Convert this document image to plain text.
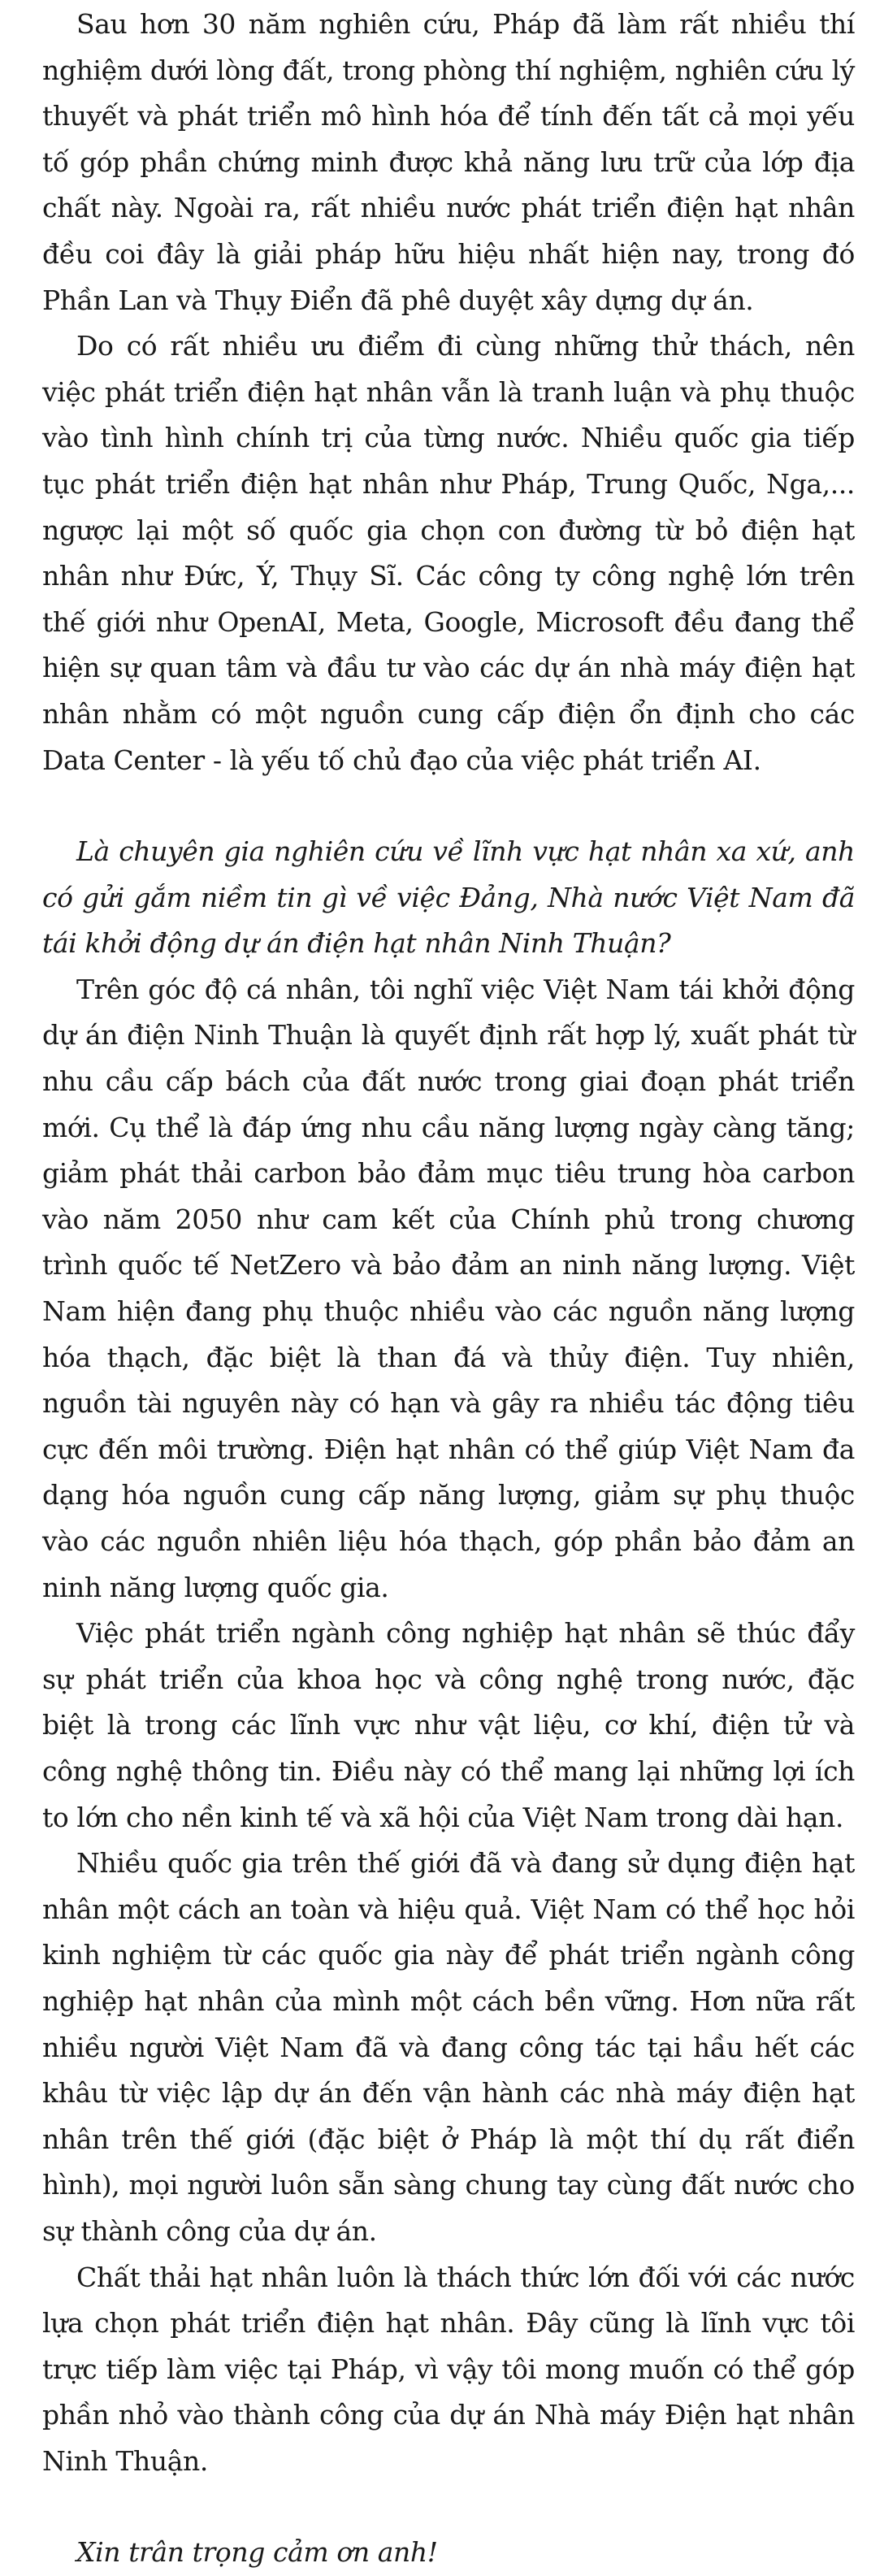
Sau hơn 30 năm nghiên cứu, Pháp đã làm rất nhiều thí nghiệm dưới lòng đất, trong phòng thí nghiệm, nghiên cứu lý thuyết và phát triển mô hình hóa để tính đến tất cả mọi yếu tố góp phần chứng minh được khả năng lưu trữ của lớp địa chất này. Ngoài ra, rất nhiều nước phát triển điện hạt nhân đều coi đây là giải pháp hữu hiệu nhất hiện nay, trong đó Phần Lan và Thụy Điển đã phê duyệt xây dựng dự án.

Do có rất nhiều ưu điểm đi cùng những thử thách, nên việc phát triển điện hạt nhân vẫn là tranh luận và phụ thuộc vào tình hình chính trị của từng nước. Nhiều quốc gia tiếp tục phát triển điện hạt nhân như Pháp, Trung Quốc, Nga,... ngược lại một số quốc gia chọn con đường từ bỏ điện hạt nhân như Đức, Ý, Thụy Sĩ. Các công ty công nghệ lớn trên thế giới như OpenAI, Meta, Google, Microsoft đều đang thể hiện sự quan tâm và đầu tư vào các dự án nhà máy điện hạt nhân nhằm có một nguồn cung cấp điện ổn định cho các Data Center - là yếu tố chủ đạo của việc phát triển AI.

Là chuyên gia nghiên cứu về lĩnh vực hạt nhân xa xứ, anh có gửi gắm niềm tin gì về việc Đảng, Nhà nước Việt Nam đã tái khởi động dự án điện hạt nhân Ninh Thuận?

Trên góc độ cá nhân, tôi nghĩ việc Việt Nam tái khởi động dự án điện Ninh Thuận là quyết định rất hợp lý, xuất phát từ nhu cầu cấp bách của đất nước trong giai đoạn phát triển mới. Cụ thể là đáp ứng nhu cầu năng lượng ngày càng tăng; giảm phát thải carbon bảo đảm mục tiêu trung hòa carbon vào năm 2050 như cam kết của Chính phủ trong chương trình quốc tế NetZero và bảo đảm an ninh năng lượng. Việt Nam hiện đang phụ thuộc nhiều vào các nguồn năng lượng hóa thạch, đặc biệt là than đá và thủy điện. Tuy nhiên, nguồn tài nguyên này có hạn và gây ra nhiều tác động tiêu cực đến môi trường. Điện hạt nhân có thể giúp Việt Nam đa dạng hóa nguồn cung cấp năng lượng, giảm sự phụ thuộc vào các nguồn nhiên liệu hóa thạch, góp phần bảo đảm an ninh năng lượng quốc gia.

Việc phát triển ngành công nghiệp hạt nhân sẽ thúc đẩy sự phát triển của khoa học và công nghệ trong nước, đặc biệt là trong các lĩnh vực như vật liệu, cơ khí, điện tử và công nghệ thông tin. Điều này có thể mang lại những lợi ích to lớn cho nền kinh tế và xã hội của Việt Nam trong dài hạn.

Nhiều quốc gia trên thế giới đã và đang sử dụng điện hạt nhân một cách an toàn và hiệu quả. Việt Nam có thể học hỏi kinh nghiệm từ các quốc gia này để phát triển ngành công nghiệp hạt nhân của mình một cách bền vững. Hơn nữa rất nhiều người Việt Nam đã và đang công tác tại hầu hết các khâu từ việc lập dự án đến vận hành các nhà máy điện hạt nhân trên thế giới (đặc biệt ở Pháp là một thí dụ rất điển hình), mọi người luôn sẵn sàng chung tay cùng đất nước cho sự thành công của dự án.

Chất thải hạt nhân luôn là thách thức lớn đối với các nước lựa chọn phát triển điện hạt nhân. Đây cũng là lĩnh vực tôi trực tiếp làm việc tại Pháp, vì vậy tôi mong muốn có thể góp phần nhỏ vào thành công của dự án Nhà máy Điện hạt nhân Ninh Thuận.

Xin trân trọng cảm ơn anh!
